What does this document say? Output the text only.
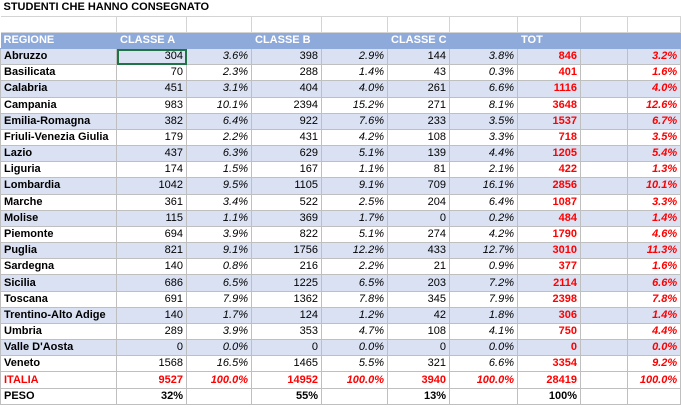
STUDENTI CHE HANNO CONSEGNATO									

REGIONE	CLASSE A		CLASSE B		CLASSE C		TOT		
Abruzzo	304	3.6%	398	2.9%	144	3.8%	846		3.2%
Basilicata	70	2.3%	288	1.4%	43	0.3%	401		1.6%
Calabria	451	3.1%	404	4.0%	261	6.6%	1116		4.0%
Campania	983	10.1%	2394	15.2%	271	8.1%	3648		12.6%
Emilia-Romagna	382	6.4%	922	7.6%	233	3.5%	1537		6.7%
Friuli-Venezia Giulia	179	2.2%	431	4.2%	108	3.3%	718		3.5%
Lazio	437	6.3%	629	5.1%	139	4.4%	1205		5.4%
Liguria	174	1.5%	167	1.1%	81	2.1%	422		1.3%
Lombardia	1042	9.5%	1105	9.1%	709	16.1%	2856		10.1%
Marche	361	3.4%	522	2.5%	204	6.4%	1087		3.3%
Molise	115	1.1%	369	1.7%	0	0.2%	484		1.4%
Piemonte	694	3.9%	822	5.1%	274	4.2%	1790		4.6%
Puglia	821	9.1%	1756	12.2%	433	12.7%	3010		11.3%
Sardegna	140	0.8%	216	2.2%	21	0.9%	377		1.6%
Sicilia	686	6.5%	1225	6.5%	203	7.2%	2114		6.6%
Toscana	691	7.9%	1362	7.8%	345	7.9%	2398		7.8%
Trentino-Alto Adige	140	1.7%	124	1.2%	42	1.8%	306		1.4%
Umbria	289	3.9%	353	4.7%	108	4.1%	750		4.4%
Valle D'Aosta	0	0.0%	0	0.0%	0	0.0%	0		0.0%
Veneto	1568	16.5%	1465	5.5%	321	6.6%	3354		9.2%
ITALIA	9527	100.0%	14952	100.0%	3940	100.0%	28419		100.0%
PESO	32%		55%		13%		100%		
